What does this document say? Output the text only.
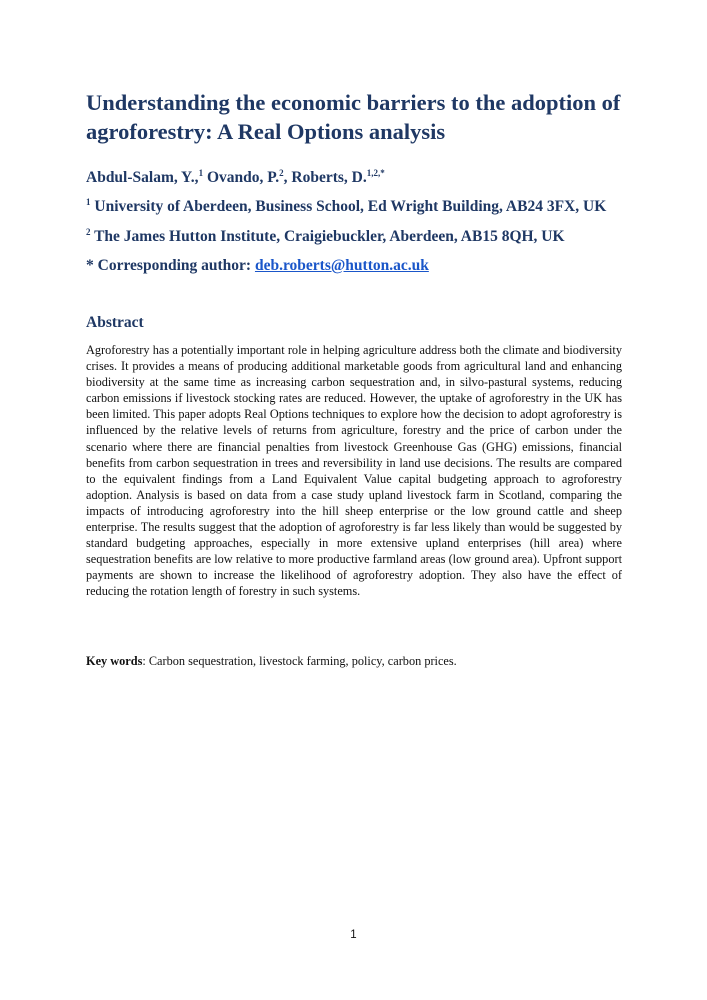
Understanding the economic barriers to the adoption of agroforestry: A Real Options analysis

Abdul-Salam, Y.,$^1$ Ovando, P.$^2$, Roberts, D.$^{1,2,*}$

$^1$ University of Aberdeen, Business School, Ed Wright Building, AB24 3FX, UK

$^2$ The James Hutton Institute, Craigiebuckler, Aberdeen, AB15 8QH, UK

* Corresponding author: deb.roberts@hutton.ac.uk

Abstract

Agroforestry has a potentially important role in helping agriculture address both the climate and biodiversity crises. It provides a means of producing additional marketable goods from agricultural land and enhancing biodiversity at the same time as increasing carbon sequestration and, in silvo-pastural systems, reducing carbon emissions if livestock stocking rates are reduced. However, the uptake of agroforestry in the UK has been limited. This paper adopts Real Options techniques to explore how the decision to adopt agroforestry is influenced by the relative levels of returns from agriculture, forestry and the price of carbon under the scenario where there are financial penalties from livestock Greenhouse Gas (GHG) emissions, financial benefits from carbon sequestration in trees and reversibility in land use decisions. The results are compared to the equivalent findings from a Land Equivalent Value capital budgeting approach to agroforestry adoption. Analysis is based on data from a case study upland livestock farm in Scotland, comparing the impacts of introducing agroforestry into the hill sheep enterprise or the low ground cattle and sheep enterprise. The results suggest that the adoption of agroforestry is far less likely than would be suggested by standard budgeting approaches, especially in more extensive upland enterprises (hill area) where sequestration benefits are low relative to more productive farmland areas (low ground area). Upfront support payments are shown to increase the likelihood of agroforestry adoption. They also have the effect of reducing the rotation length of forestry in such systems.

Key words: Carbon sequestration, livestock farming, policy, carbon prices.

1
